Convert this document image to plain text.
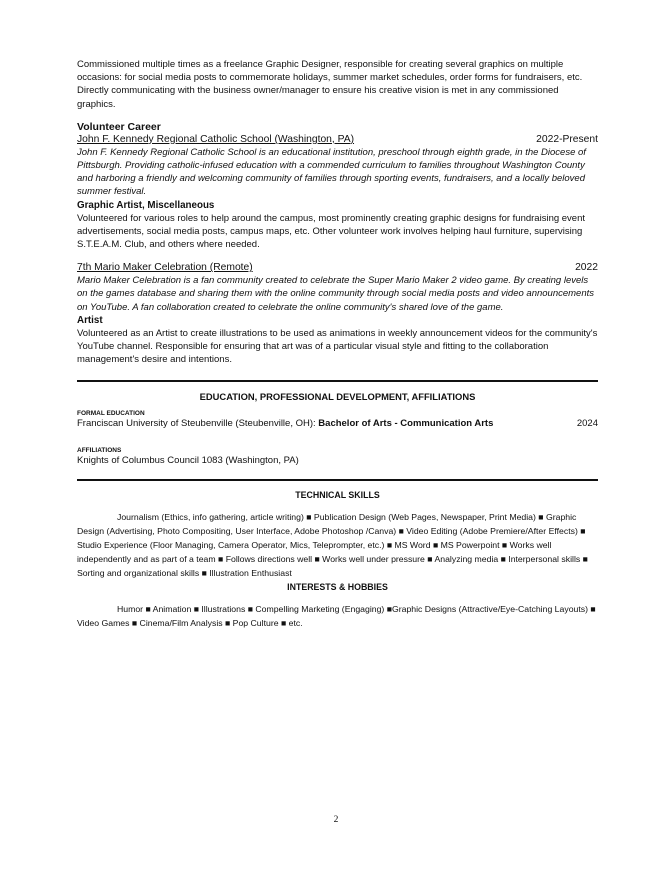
Commissioned multiple times as a freelance Graphic Designer, responsible for creating several graphics on multiple occasions: for social media posts to commemorate holidays, summer market schedules, order forms for fundraisers, etc. Directly communicating with the business owner/manager to ensure his creative vision is met in any commissioned graphics.

Volunteer Career
John F. Kennedy Regional Catholic School (Washington, PA)	2022-Present

John F. Kennedy Regional Catholic School is an educational institution, preschool through eighth grade, in the Diocese of Pittsburgh. Providing catholic-infused education with a commended curriculum to families throughout Washington County and harboring a friendly and welcoming community of families through sporting events, fundraisers, and a locally beloved summer festival.

Graphic Artist, Miscellaneous

Volunteered for various roles to help around the campus, most prominently creating graphic designs for fundraising event advertisements, social media posts, campus maps, etc. Other volunteer work involves helping haul furniture, supervising S.T.E.A.M. Club, and others where needed.

7th Mario Maker Celebration (Remote)	2022

Mario Maker Celebration is a fan community created to celebrate the Super Mario Maker 2 video game. By creating levels on the games database and sharing them with the online community through social media posts and video announcements on YouTube. A fan collaboration created to celebrate the online community's shared love of the game.

Artist

Volunteered as an Artist to create illustrations to be used as animations in weekly announcement videos for the community's YouTube channel. Responsible for ensuring that art was of a particular visual style and fitting to the collaboration management's desire and intentions.

EDUCATION, PROFESSIONAL DEVELOPMENT, AFFILIATIONS
FORMAL EDUCATION
Franciscan University of Steubenville (Steubenville, OH): Bachelor of Arts - Communication Arts	2024
AFFILIATIONS
Knights of Columbus Council 1083 (Washington, PA)
TECHNICAL SKILLS

Journalism (Ethics, info gathering, article writing) ■ Publication Design (Web Pages, Newspaper, Print Media) ■ Graphic Design (Advertising, Photo Compositing, User Interface, Adobe Photoshop /Canva) ■ Video Editing (Adobe Premiere/After Effects) ■ Studio Experience (Floor Managing, Camera Operator, Mics, Teleprompter, etc.) ■ MS Word ■ MS Powerpoint ■ Works well independently and as part of a team ■ Follows directions well ■ Works well under pressure ■ Analyzing media ■ Interpersonal skills ■ Sorting and organizational skills ■ Illustration Enthusiast

INTERESTS & HOBBIES

Humor ■ Animation ■ Illustrations ■ Compelling Marketing (Engaging) ■Graphic Designs (Attractive/Eye-Catching Layouts) ■ Video Games ■ Cinema/Film Analysis ■ Pop Culture ■ etc.

2
